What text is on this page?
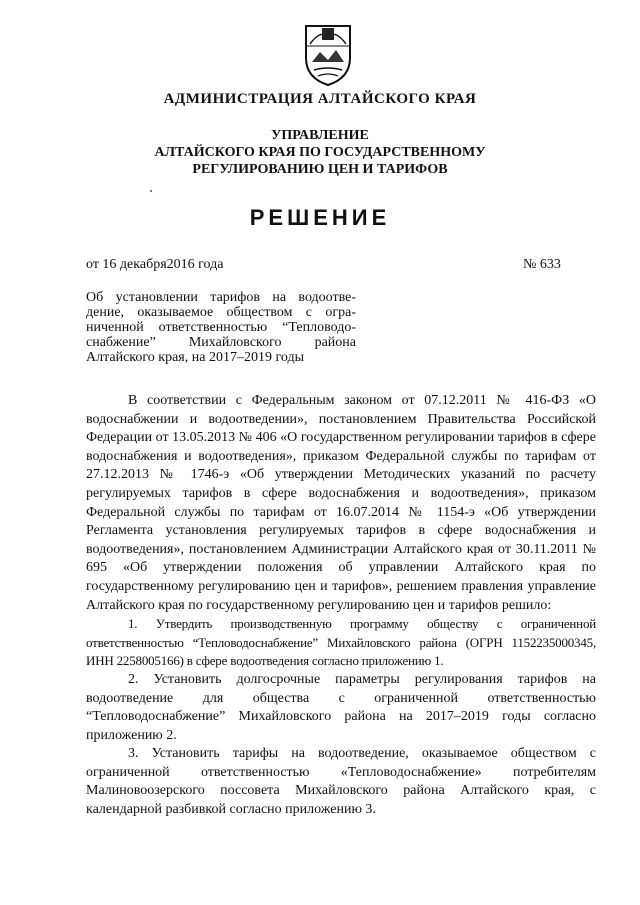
АДМИНИСТРАЦИЯ АЛТАЙСКОГО КРАЯ
УПРАВЛЕНИЕ
АЛТАЙСКОГО КРАЯ ПО ГОСУДАРСТВЕННОМУ
РЕГУЛИРОВАНИЮ ЦЕН И ТАРИФОВ
РЕШЕНИЕ
от 16 декабря2016 года	№ 633
Об установлении тарифов на водоотве- дение, оказываемое обществом с огра- ниченной ответственностью “Тепловодо- снабжение” Михайловского района Алтайского края, на 2017–2019 годы

В соответствии с Федеральным законом от 07.12.2011 № 416-ФЗ «О водоснабжении и водоотведении», постановлением Правительства Российской Федерации от 13.05.2013 № 406 «О государственном регулировании тарифов в сфере водоснабжения и водоотведения», приказом Федеральной службы по тарифам от 27.12.2013 № 1746-э «Об утверждении Методических указаний по расчету регулируемых тарифов в сфере водоснабжения и водоотведения», приказом Федеральной службы по тарифам от 16.07.2014 № 1154-э «Об утверждении Регламента установления регулируемых тарифов в сфере водоснабжения и водоотведения», постановлением Администрации Алтайского края от 30.11.2011 № 695 «Об утверждении положения об управлении Алтайского края по государственному регулированию цен и тарифов», решением правления управление Алтайского края по государственному регулированию цен и тарифов решило:

1. Утвердить производственную программу обществу с ограниченной ответственностью “Тепловодоснабжение” Михайловского района (ОГРН 1152235000345, ИНН 2258005166) в сфере водоотведения согласно приложению 1.

2. Установить долгосрочные параметры регулирования тарифов на водоотведение для общества с ограниченной ответственностью “Тепловодоснабжение” Михайловского района на 2017–2019 годы согласно приложению 2.

3. Установить тарифы на водоотведение, оказываемое обществом с ограниченной ответственностью «Тепловодоснабжение» потребителям Малиновоозерского поссовета Михайловского района Алтайского края, с календарной разбивкой согласно приложению 3.
